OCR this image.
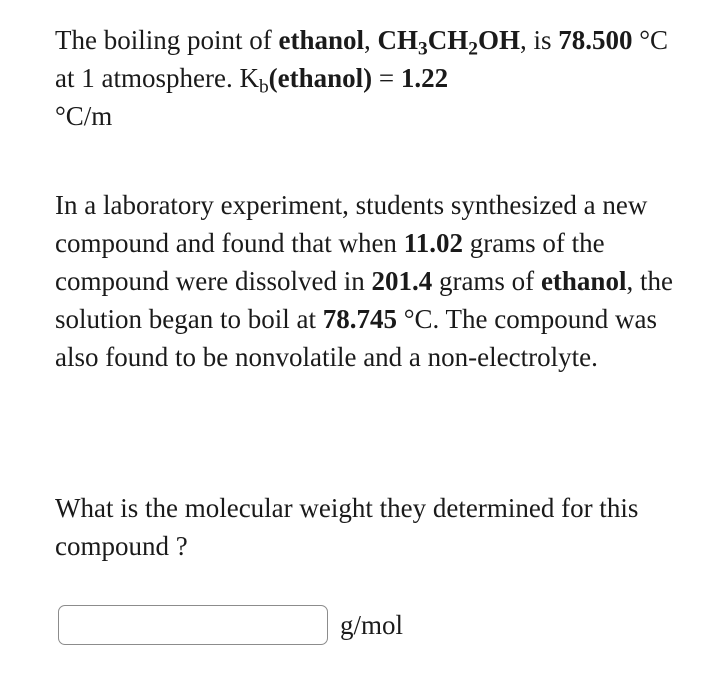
The boiling point of ethanol, $CH_3CH_2OH$, is 78.500 °C at 1 atmosphere. $K_b(ethanol) = 1.22$
°C/m

In a laboratory experiment, students synthesized a new compound and found that when 11.02 grams of the compound were dissolved in 201.4 grams of ethanol, the solution began to boil at 78.745 °C. The compound was also found to be nonvolatile and a non-electrolyte.

What is the molecular weight they determined for this compound ?

g/mol
